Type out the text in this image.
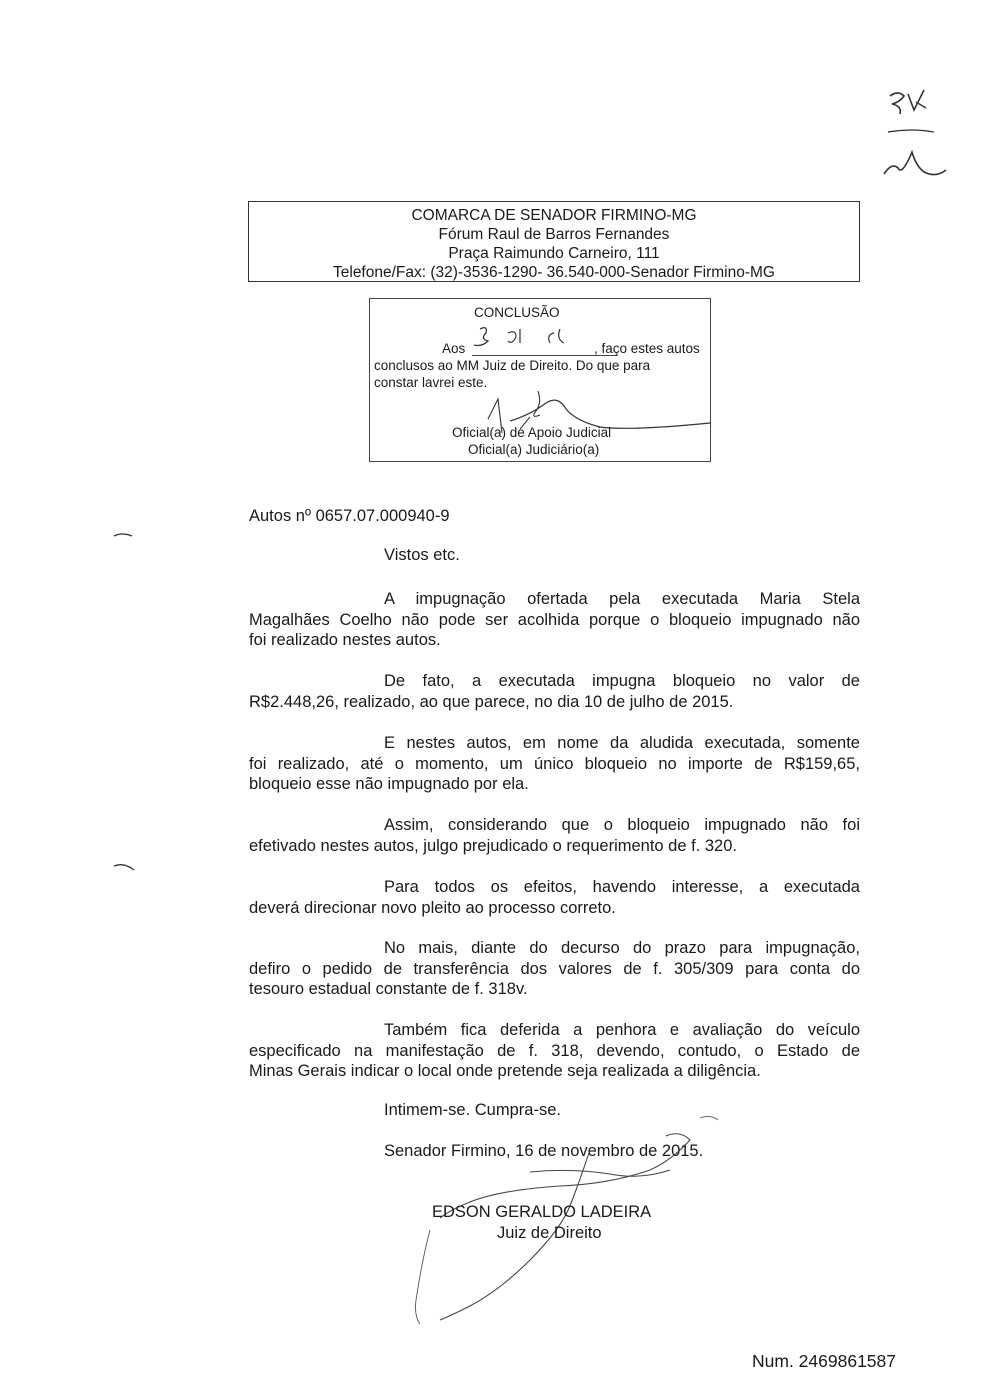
COMARCA DE SENADOR FIRMINO-MG
Fórum Raul de Barros Fernandes
Praça Raimundo Carneiro, 111
Telefone/Fax: (32)-3536-1290- 36.540-000-Senador Firmino-MG
CONCLUSÃO
Aos	, faço estes autos
conclusos ao MM Juiz de Direito. Do que para
constar lavrei este.
Oficial(a) de Apoio Judicial
Oficial(a) Judiciário(a)
Autos nº 0657.07.000940-9
Vistos etc.
A impugnação ofertada pela executada Maria Stela
Magalhães Coelho não pode ser acolhida porque o bloqueio impugnado não
foi realizado nestes autos.
De fato, a executada impugna bloqueio no valor de
R$2.448,26, realizado, ao que parece, no dia 10 de julho de 2015.
E nestes autos, em nome da aludida executada, somente
foi realizado, até o momento, um único bloqueio no importe de R$159,65,
bloqueio esse não impugnado por ela.
Assim, considerando que o bloqueio impugnado não foi
efetivado nestes autos, julgo prejudicado o requerimento de f. 320.
Para todos os efeitos, havendo interesse, a executada
deverá direcionar novo pleito ao processo correto.
No mais, diante do decurso do prazo para impugnação,
defiro o pedido de transferência dos valores de f. 305/309 para conta do
tesouro estadual constante de f. 318v.
Também fica deferida a penhora e avaliação do veículo
especificado na manifestação de f. 318, devendo, contudo, o Estado de
Minas Gerais indicar o local onde pretende seja realizada a diligência.
Intimem-se. Cumpra-se.
Senador Firmino, 16 de novembro de 2015.
EDSON GERALDO LADEIRA
Juiz de Direito
Num. 2469861587
